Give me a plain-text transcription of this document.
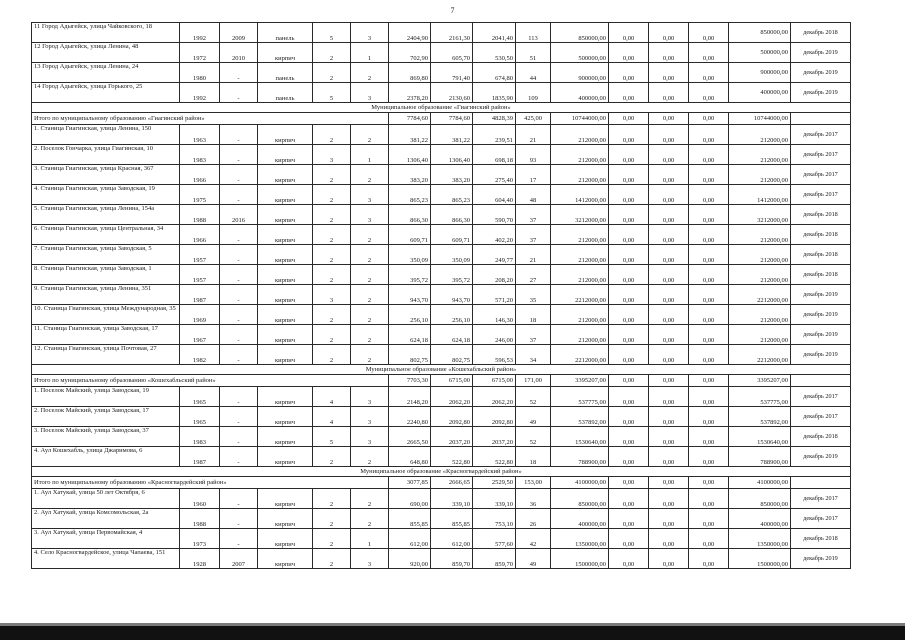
7
11 Город Адыгейск, улица Чайковского, 18	1992	2009	панель	5	3	2404,90	2161,30	2041,40	113	850000,00	0,00	0,00	0,00	850000,00	декабрь 2018
12 Город Адыгейск, улица Ленина, 48	1972	2010	кирпич	2	1	702,90	605,70	530,50	51	500000,00	0,00	0,00	0,00	500000,00	декабрь 2019
13 Город Адыгейск, улица Ленина, 24	1980	-	панель	2	2	869,80	791,40	674,80	44	900000,00	0,00	0,00	0,00	900000,00	декабрь 2019
14 Город Адыгейск, улица Горького, 25	1992	-	панель	5	3	2378,20	2130,60	1835,90	109	400000,00	0,00	0,00	0,00	400000,00	декабрь 2019
Муниципальное образование «Гиагинский район»															
Итого по муниципальному образованию «Гиагинский район»						7784,60	7784,60	4828,39	425,00	10744000,00	0,00	0,00	0,00	10744000,00	
1. Станица Гиагинская, улица Ленина, 150	1963	-	кирпич	2	2	381,22	381,22	239,51	21	212000,00	0,00	0,00	0,00	212000,00	декабрь 2017
2. Поселок Гончарка, улица Гиагинская, 10	1983	-	кирпич	3	1	1306,40	1306,40	698,18	93	212000,00	0,00	0,00	0,00	212000,00	декабрь 2017
3. Станица Гиагинская, улица Красная, 367	1966	-	кирпич	2	2	383,20	383,20	275,40	17	212000,00	0,00	0,00	0,00	212000,00	декабрь 2017
4. Станица Гиагинская, улица Заводская, 19	1975	-	кирпич	2	3	865,23	865,23	604,40	48	1412000,00	0,00	0,00	0,00	1412000,00	декабрь 2017
5. Станица Гиагинская, улица Ленина, 154а	1988	2016	кирпич	2	3	866,30	866,30	590,70	37	3212000,00	0,00	0,00	0,00	3212000,00	декабрь 2018
6. Станица Гиагинская, улица Центральная, 34	1966	-	кирпич	2	2	609,71	609,71	402,20	37	212000,00	0,00	0,00	0,00	212000,00	декабрь 2018
7. Станица Гиагинская, улица Заводская, 5	1957	-	кирпич	2	2	350,09	350,09	249,77	21	212000,00	0,00	0,00	0,00	212000,00	декабрь 2018
8. Станица Гиагинская, улица Заводская, 1	1957	-	кирпич	2	2	395,72	395,72	208,20	27	212000,00	0,00	0,00	0,00	212000,00	декабрь 2018
9. Станица Гиагинская, улица Ленина, 351	1987	-	кирпич	3	2	943,70	943,70	571,20	35	2212000,00	0,00	0,00	0,00	2212000,00	декабрь 2019
10. Станица Гиагинская, улица Международная, 35	1969	-	кирпич	2	2	256,10	256,10	146,30	18	212000,00	0,00	0,00	0,00	212000,00	декабрь 2019
11. Станица Гиагинская, улица Заводская, 17	1967	-	кирпич	2	2	624,18	624,18	246,00	37	212000,00	0,00	0,00	0,00	212000,00	декабрь 2019
12. Станица Гиагинская, улица Почтовая, 27	1982	-	кирпич	2	2	802,75	802,75	596,53	34	2212000,00	0,00	0,00	0,00	2212000,00	декабрь 2019
Муниципальное образование «Кошехабльский район»															
Итого по муниципальному образованию «Кошехабльский район»						7703,30	6715,00	6715,00	171,00	3395207,00	0,00	0,00	0,00	3395207,00	
1. Поселок Майский, улица Заводская, 19	1965	-	кирпич	4	3	2148,20	2062,20	2062,20	52	537775,00	0,00	0,00	0,00	537775,00	декабрь 2017
2. Поселок Майский, улица Заводская, 17	1965	-	кирпич	4	3	2240,80	2092,80	2092,80	49	537892,00	0,00	0,00	0,00	537892,00	декабрь 2017
3. Поселок Майский, улица Заводская, 37	1983	-	кирпич	5	3	2665,50	2037,20	2037,20	52	1530640,00	0,00	0,00	0,00	1530640,00	декабрь 2018
4. Аул Кошехабль, улица Джаримова, 6	1987	-	кирпич	2	2	648,80	522,80	522,80	18	788900,00	0,00	0,00	0,00	788900,00	декабрь 2019
Муниципальное образование «Красногвардейский район»															
Итого по муниципальному образованию «Красногвардейский район»						3077,85	2666,65	2529,50	153,00	4100000,00	0,00	0,00	0,00	4100000,00	
1. Аул Хатукай, улица 50 лет Октября, 6	1960	-	кирпич	2	2	690,00	339,10	339,10	36	850000,00	0,00	0,00	0,00	850000,00	декабрь 2017
2. Аул Хатукай, улица Комсомольская, 2а	1988	-	кирпич	2	2	855,85	855,85	753,10	26	400000,00	0,00	0,00	0,00	400000,00	декабрь 2017
3. Аул Хатукай, улица Первомайская, 4	1973	-	кирпич	2	1	612,00	612,00	577,60	42	1350000,00	0,00	0,00	0,00	1350000,00	декабрь 2018
4. Село Красногвардейское, улица Чапаева, 151	1928	2007	кирпич	2	3	920,00	859,70	859,70	49	1500000,00	0,00	0,00	0,00	1500000,00	декабрь 2019
